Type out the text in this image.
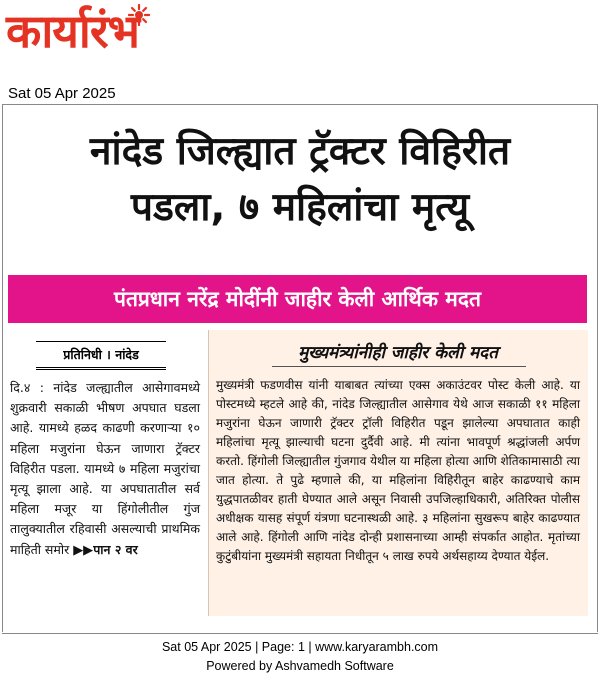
कार्यारंभ
Sat 05 Apr 2025
नांदेड जिल्ह्यात ट्रॅक्टर विहिरीत
पडला, ७ महिलांचा मृत्यू
पंतप्रधान नरेंद्र मोदींनी जाहीर केली आर्थिक मदत
प्रतिनिधी । नांदेड
दि.४ : नांदेड जल्ह्यातील आसेगावमध्ये शुक्रवारी सकाळी भीषण अपघात घडला आहे. यामध्ये हळद काढणी करणाऱ्या १० महिला मजुरांना घेऊन जाणारा ट्रॅक्टर विहिरीत पडला. यामध्ये ७ महिला मजुरांचा मृत्यू झाला आहे. या अपघातातील सर्व महिला मजूर या हिंगोलीतील गुंज तालुक्यातील रहिवासी असल्याची प्राथमिक माहिती समोर ▶▶पान २ वर
मुख्यमंत्र्यांनीही जाहीर केली मदत
मुख्यमंत्री फडणवीस यांनी याबाबत त्यांच्या एक्स अकाउंटवर पोस्ट केली आहे. या पोस्टमध्ये म्हटले आहे की, नांदेड जिल्ह्यातील आसेगाव येथे आज सकाळी ११ महिला मजुरांना घेऊन जाणारी ट्रॅक्टर ट्रॉली विहिरीत पडून झालेल्या अपघातात काही महिलांचा मृत्यू झाल्याची घटना दुर्दैवी आहे. मी त्यांना भावपूर्ण श्रद्धांजली अर्पण करतो. हिंगोली जिल्ह्यातील गुंजगाव येथील या महिला होत्या आणि शेतिकामासाठी त्या जात होत्या. ते पुढे म्हणाले की, या महिलांना विहिरीतून बाहेर काढण्याचे काम युद्धपातळीवर हाती घेण्यात आले असून निवासी उपजिल्हाधिकारी, अतिरिक्त पोलीस अधीक्षक यासह संपूर्ण यंत्रणा घटनास्थळी आहे. ३ महिलांना सुखरूप बाहेर काढण्यात आले आहे. हिंगोली आणि नांदेड दोन्ही प्रशासनाच्या आम्ही संपर्कात आहोत. मृतांच्या कुटुंबीयांना मुख्यमंत्री सहायता निधीतून ५ लाख रुपये अर्थसहाय्य देण्यात येईल.
Sat 05 Apr 2025 | Page: 1 | www.karyarambh.com
Powered by Ashvamedh Software
